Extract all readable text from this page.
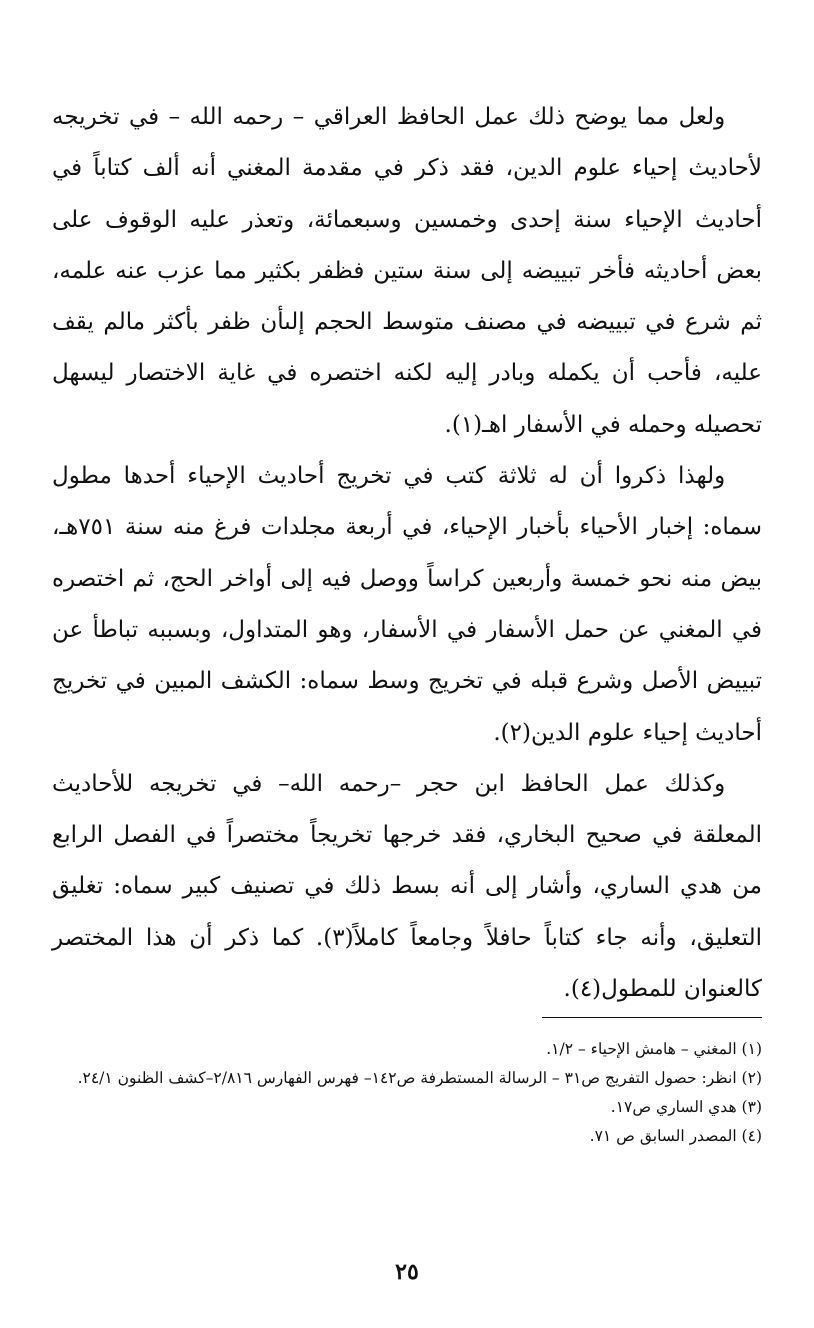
ولعل مما يوضح ذلك عمل الحافظ العراقي – رحمه الله – في تخريجه لأحاديث إحياء علوم الدين، فقد ذكر في مقدمة المغني أنه ألف كتاباً في أحاديث الإحياء سنة إحدى وخمسين وسبعمائة، وتعذر عليه الوقوف على بعض أحاديثه فأخر تبييضه إلى سنة ستين فظفر بكثير مما عزب عنه علمه، ثم شرع في تبييضه في مصنف متوسط الحجم إلىأن ظفر بأكثر مالم يقف عليه، فأحب أن يكمله وبادر إليه لكنه اختصره في غاية الاختصار ليسهل تحصيله وحمله في الأسفار اهـ(١).

ولهذا ذكروا أن له ثلاثة كتب في تخريج أحاديث الإحياء أحدها مطول سماه: إخبار الأحياء بأخبار الإحياء، في أربعة مجلدات فرغ منه سنة ٧٥١هـ، بيض منه نحو خمسة وأربعين كراساً ووصل فيه إلى أواخر الحج، ثم اختصره في المغني عن حمل الأسفار في الأسفار، وهو المتداول، وبسببه تباطأ عن تبييض الأصل وشرع قبله في تخريج وسط سماه: الكشف المبين في تخريج أحاديث إحياء علوم الدين(٢).

وكذلك عمل الحافظ ابن حجر –رحمه الله– في تخريجه للأحاديث المعلقة في صحيح البخاري، فقد خرجها تخريجاً مختصراً في الفصل الرابع من هدي الساري، وأشار إلى أنه بسط ذلك في تصنيف كبير سماه: تغليق التعليق، وأنه جاء كتاباً حافلاً وجامعاً كاملاً(٣). كما ذكر أن هذا المختصر كالعنوان للمطول(٤).

(١) المغني – هامش الإحياء – ١/٢.

(٢) انظر: حصول التفريج ص٣١ – الرسالة المستطرفة ص١٤٢– فهرس الفهارس ٢/٨١٦–كشف الظنون ٢٤/١.

(٣) هدي الساري ص١٧.

(٤) المصدر السابق ص ٧١.

٢٥
